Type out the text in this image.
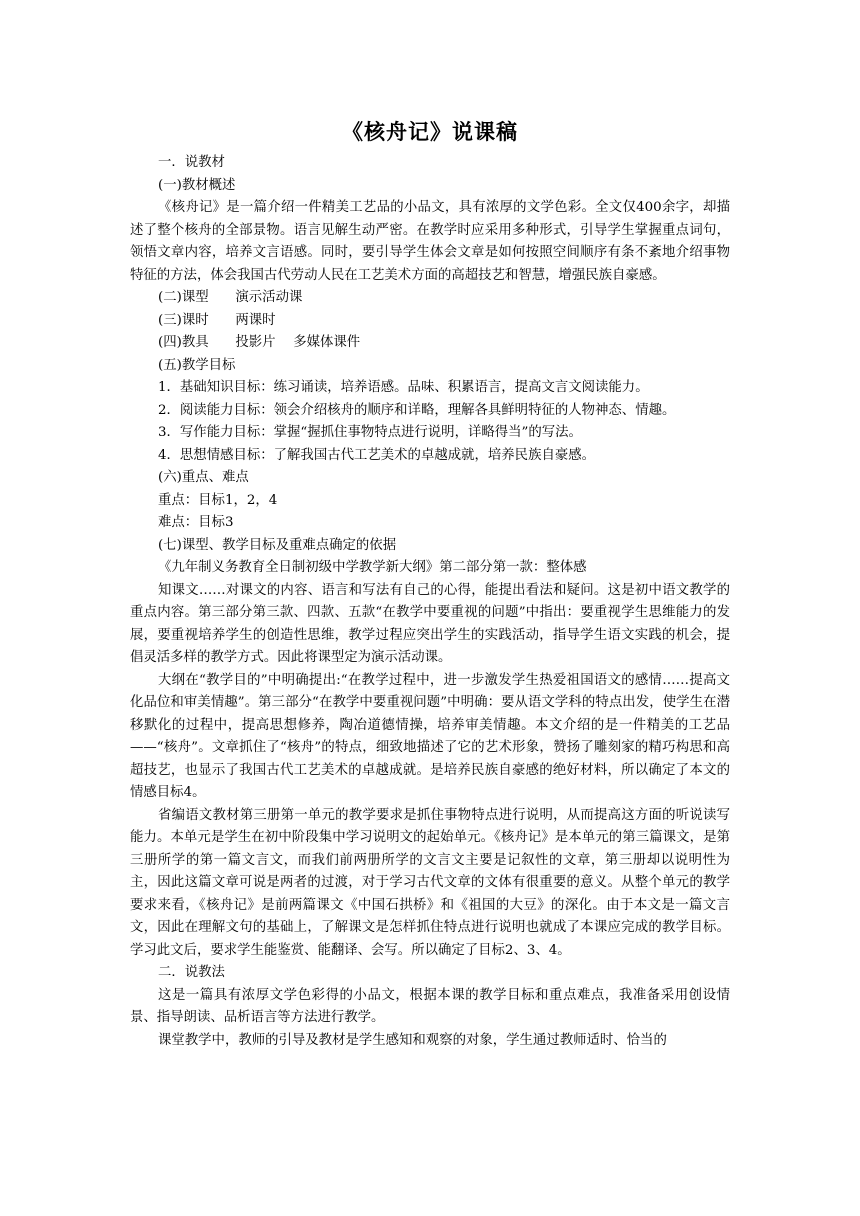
《核舟记》说课稿

一．说教材

(一)教材概述

《核舟记》是一篇介绍一件精美工艺品的小品文，具有浓厚的文学色彩。全文仅400余字，却描述了整个核舟的全部景物。语言见解生动严密。在教学时应采用多种形式，引导学生掌握重点词句，领悟文章内容，培养文言语感。同时，要引导学生体会文章是如何按照空间顺序有条不紊地介绍事物特征的方法，体会我国古代劳动人民在工艺美术方面的高超技艺和智慧，增强民族自豪感。

(二)课型　　演示活动课

(三)课时　　两课时

(四)教具　　投影片　 多媒体课件

(五)教学目标

1．基础知识目标：练习诵读，培养语感。品味、积累语言，提高文言文阅读能力。

2．阅读能力目标：领会介绍核舟的顺序和详略，理解各具鲜明特征的人物神态、情趣。

3．写作能力目标：掌握“握抓住事物特点进行说明，详略得当”的写法。

4．思想情感目标：了解我国古代工艺美术的卓越成就，培养民族自豪感。

(六)重点、难点

重点：目标1，2，4

难点：目标3

(七)课型、教学目标及重难点确定的依据

《九年制义务教育全日制初级中学教学新大纲》第二部分第一款：整体感

知课文……对课文的内容、语言和写法有自己的心得，能提出看法和疑问。这是初中语文教学的重点内容。第三部分第三款、四款、五款“在教学中要重视的问题”中指出：要重视学生思维能力的发展，要重视培养学生的创造性思维，教学过程应突出学生的实践活动，指导学生语文实践的机会，提倡灵活多样的教学方式。因此将课型定为演示活动课。

大纲在“教学目的”中明确提出:“在教学过程中，进一步激发学生热爱祖国语文的感情……提高文化品位和审美情趣”。第三部分“在教学中要重视问题”中明确：要从语文学科的特点出发，使学生在潜移默化的过程中，提高思想修养，陶冶道德情操，培养审美情趣。本文介绍的是一件精美的工艺品——“核舟”。文章抓住了“核舟”的特点，细致地描述了它的艺术形象，赞扬了雕刻家的精巧构思和高超技艺，也显示了我国古代工艺美术的卓越成就。是培养民族自豪感的绝好材料，所以确定了本文的情感目标4。

省编语文教材第三册第一单元的教学要求是抓住事物特点进行说明，从而提高这方面的听说读写能力。本单元是学生在初中阶段集中学习说明文的起始单元。《核舟记》是本单元的第三篇课文，是第三册所学的第一篇文言文，而我们前两册所学的文言文主要是记叙性的文章，第三册却以说明性为主，因此这篇文章可说是两者的过渡，对于学习古代文章的文体有很重要的意义。从整个单元的教学要求来看，《核舟记》是前两篇课文《中国石拱桥》和《祖国的大豆》的深化。由于本文是一篇文言文，因此在理解文句的基础上，了解课文是怎样抓住特点进行说明也就成了本课应完成的教学目标。学习此文后，要求学生能鉴赏、能翻译、会写。所以确定了目标2、3、4。

二．说教法

这是一篇具有浓厚文学色彩得的小品文，根据本课的教学目标和重点难点，我准备采用创设情景、指导朗读、品析语言等方法进行教学。

课堂教学中，教师的引导及教材是学生感知和观察的对象，学生通过教师适时、恰当的
